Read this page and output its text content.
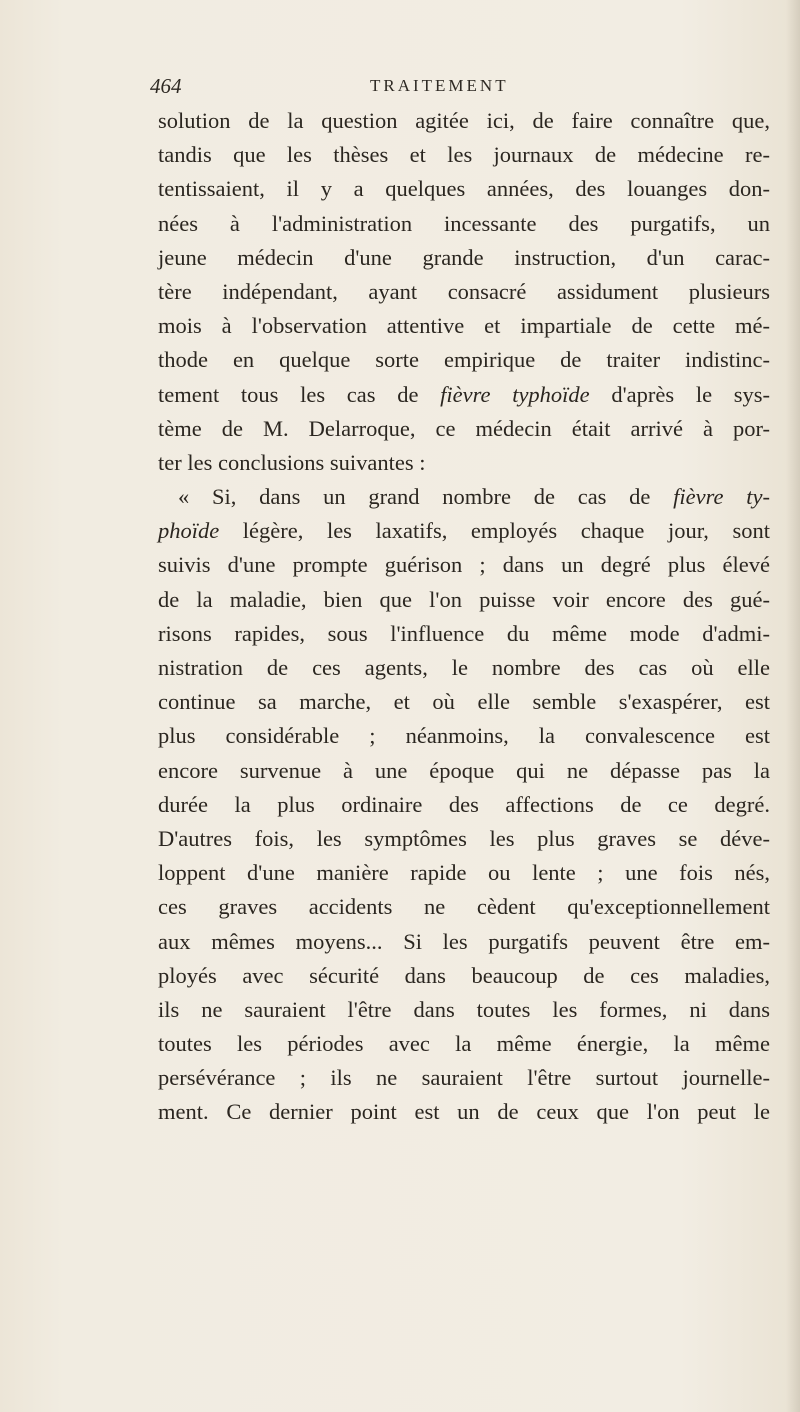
464	TRAITEMENT
solution de la question agitée ici, de faire connaître que,
tandis que les thèses et les journaux de médecine re-
tentissaient, il y a quelques années, des louanges don-
nées à l'administration incessante des purgatifs, un
jeune médecin d'une grande instruction, d'un carac-
tère indépendant, ayant consacré assidument plusieurs
mois à l'observation attentive et impartiale de cette mé-
thode en quelque sorte empirique de traiter indistinc-
tement tous les cas de fièvre typhoïde d'après le sys-
tème de M. Delarroque, ce médecin était arrivé à por-
ter les conclusions suivantes :
« Si, dans un grand nombre de cas de fièvre ty-
phoïde légère, les laxatifs, employés chaque jour, sont
suivis d'une prompte guérison ; dans un degré plus élevé
de la maladie, bien que l'on puisse voir encore des gué-
risons rapides, sous l'influence du même mode d'admi-
nistration de ces agents, le nombre des cas où elle
continue sa marche, et où elle semble s'exaspérer, est
plus considérable ; néanmoins, la convalescence est
encore survenue à une époque qui ne dépasse pas la
durée la plus ordinaire des affections de ce degré.
D'autres fois, les symptômes les plus graves se déve-
loppent d'une manière rapide ou lente ; une fois nés,
ces graves accidents ne cèdent qu'exceptionnellement
aux mêmes moyens... Si les purgatifs peuvent être em-
ployés avec sécurité dans beaucoup de ces maladies,
ils ne sauraient l'être dans toutes les formes, ni dans
toutes les périodes avec la même énergie, la même
persévérance ; ils ne sauraient l'être surtout journelle-
ment. Ce dernier point est un de ceux que l'on peut le
